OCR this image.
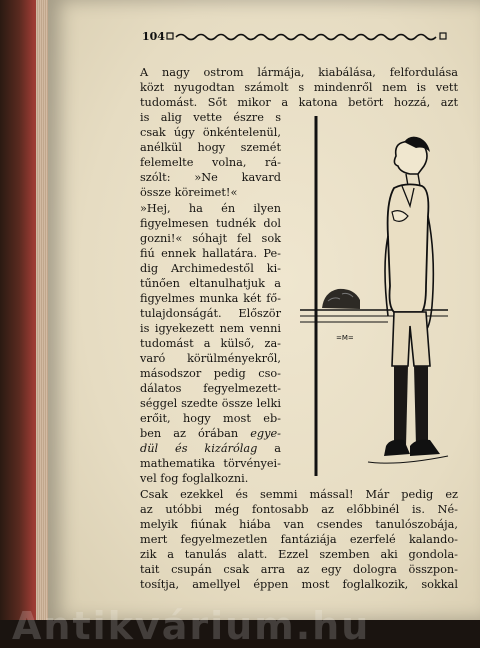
104
A nagy ostrom lármája, kiabálása, felfordulása
közt nyugodtan számolt s mindenről nem is vett
tudomást. Sőt mikor a katona betört hozzá, azt
is alig vette észre s
csak úgy önkéntelenül,
anélkül hogy szemét
felemelte volna, rá-
szólt: »Ne kavard
össze köreimet!«
»Hej, ha én ilyen
figyelmesen tudnék dol
gozni!« sóhajt fel sok
fiú ennek hallatára. Pe-
dig Archimedestől ki-
tűnően eltanulhatjuk a
figyelmes munka két fő-
tulajdonságát. Először
is igyekezett nem venni
tudomást a külső, za-
varó körülményekről,
másodszor pedig cso-
dálatos fegyelmezett-
séggel szedte össze lelki
erőit, hogy most eb-
ben az órában egye-
dül és kizárólag a
mathematika törvényei-
vel fog foglalkozni.
=M=
Csak ezekkel és semmi mással! Már pedig ez
az utóbbi még fontosabb az előbbinél is. Né-
melyik fiúnak hiába van csendes tanulószobája,
mert fegyelmezetlen fantáziája ezerfelé kalando-
zik a tanulás alatt. Ezzel szemben aki gondola-
tait csupán csak arra az egy dologra összpon-
tosítja, amellyel éppen most foglalkozik, sokkal
Antikvárium.hu
